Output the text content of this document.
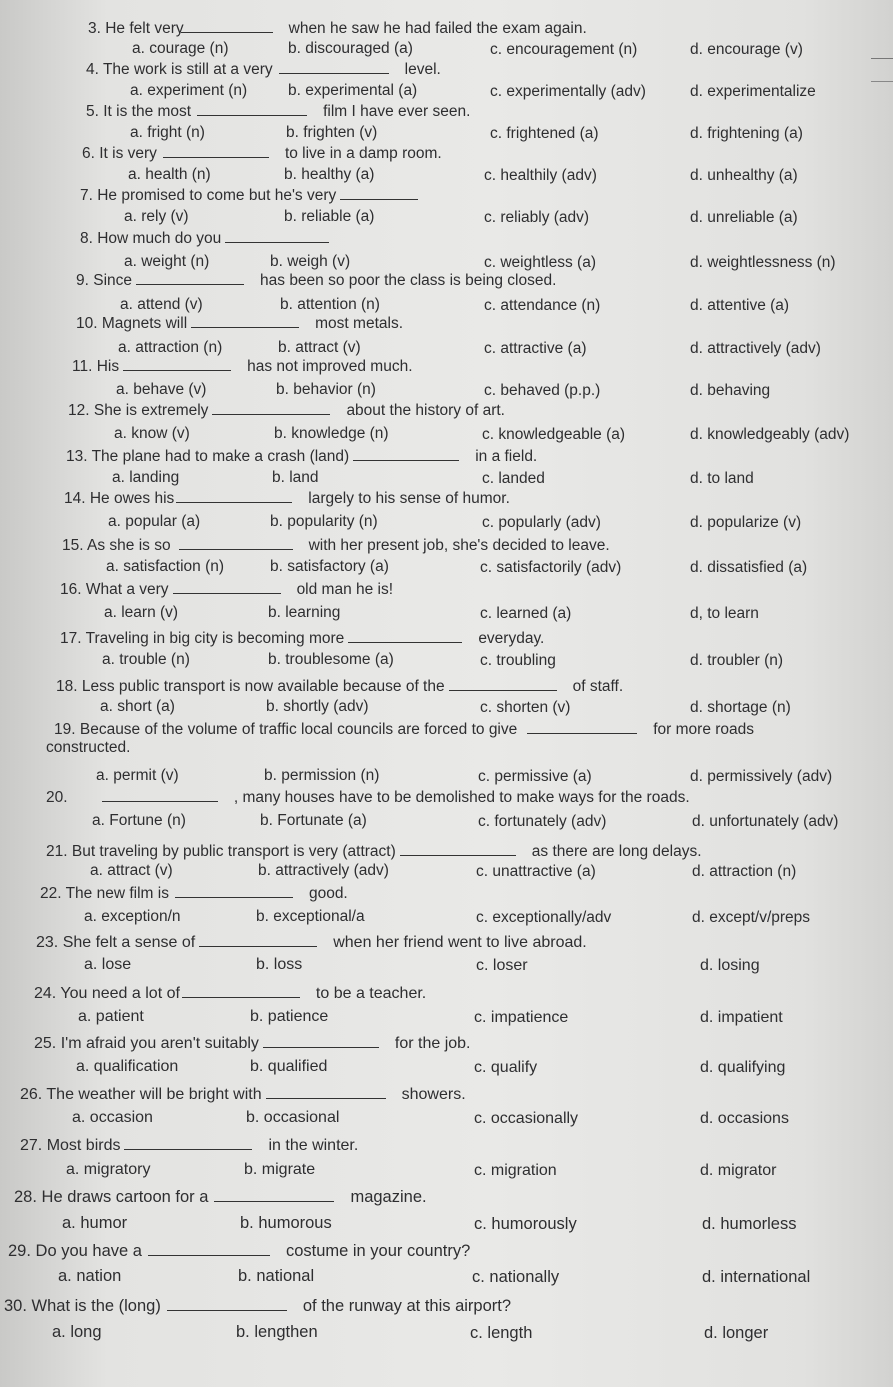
3. He felt very	when he saw he had failed the exam again.
a. courage (n)	b. discouraged (a)	c. encouragement (n)	d. encourage (v)
4. The work is still at a very	level.
a. experiment (n)	b. experimental (a)	c. experimentally (adv)	d. experimentalize
5. It is the most	film I have ever seen.
a. fright (n)	b. frighten (v)	c. frightened (a)	d. frightening (a)
6. It is very	to live in a damp room.
a. health (n)	b. healthy (a)	c. healthily (adv)	d. unhealthy (a)
7. He promised to come but he's very
a. rely (v)	b. reliable (a)	c. reliably (adv)	d. unreliable (a)
8. How much do you
a. weight (n)	b. weigh (v)	c. weightless (a)	d. weightlessness (n)
9. Since	has been so poor the class is being closed.
a. attend (v)	b. attention (n)	c. attendance (n)	d. attentive (a)
10. Magnets will	most metals.
a. attraction (n)	b. attract (v)	c. attractive (a)	d. attractively (adv)
11. His	has not improved much.
a. behave (v)	b. behavior (n)	c. behaved (p.p.)	d. behaving
12. She is extremely	about the history of art.
a. know (v)	b. knowledge (n)	c. knowledgeable (a)	d. knowledgeably (adv)
13. The plane had to make a crash (land)	in a field.
a. landing	b. land	c. landed	d. to land
14. He owes his	largely to his sense of humor.
a. popular (a)	b. popularity (n)	c. popularly (adv)	d. popularize (v)
15. As she is so	with her present job, she's decided to leave.
a. satisfaction (n)	b. satisfactory (a)	c. satisfactorily (adv)	d. dissatisfied (a)
16. What a very	old man he is!
a. learn (v)	b. learning	c. learned (a)	d, to learn
17. Traveling in big city is becoming more	everyday.
a. trouble (n)	b. troublesome (a)	c. troubling	d. troubler (n)
18. Less public transport is now available because of the	of staff.
a. short (a)	b. shortly (adv)	c. shorten (v)	d. shortage (n)
19. Because of the volume of traffic local councils are forced to give	for more roads
constructed.
a. permit (v)	b. permission (n)	c. permissive (a)	d. permissively (adv)
20.	, many houses have to be demolished to make ways for the roads.
a. Fortune (n)	b. Fortunate (a)	c. fortunately (adv)	d. unfortunately (adv)
21. But traveling by public transport is very (attract)	as there are long delays.
a. attract (v)	b. attractively (adv)	c. unattractive (a)	d. attraction (n)
22. The new film is	good.
a. exception/n	b. exceptional/a	c. exceptionally/adv	d. except/v/preps
23. She felt a sense of	when her friend went to live abroad.
a. lose	b. loss	c. loser	d. losing
24. You need a lot of	to be a teacher.
a. patient	b. patience	c. impatience	d. impatient
25. I'm afraid you aren't suitably	for the job.
a. qualification	b. qualified	c. qualify	d. qualifying
26. The weather will be bright with	showers.
a. occasion	b. occasional	c. occasionally	d. occasions
27. Most birds	in the winter.
a. migratory	b. migrate	c. migration	d. migrator
28. He draws cartoon for a	magazine.
a. humor	b. humorous	c. humorously	d. humorless
29. Do you have a	costume in your country?
a. nation	b. national	c. nationally	d. international
30. What is the (long)	of the runway at this airport?
a. long	b. lengthen	c. length	d. longer
